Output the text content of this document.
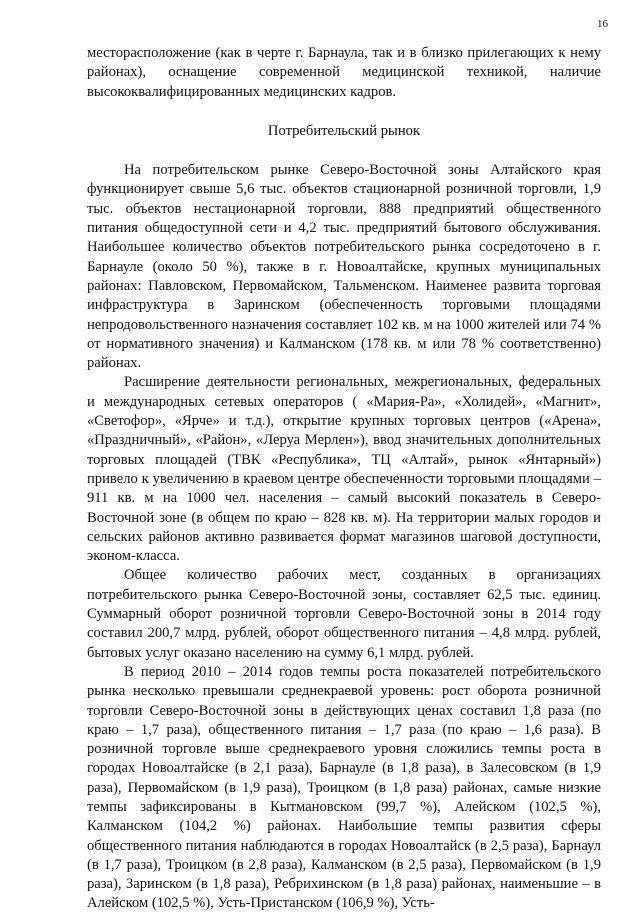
16

месторасположение (как в черте г. Барнаула, так и в близко прилегающих к нему районах), оснащение современной медицинской техникой, наличие высококвалифицированных медицинских кадров.

Потребительский рынок

На потребительском рынке Северо-Восточной зоны Алтайского края функционирует свыше 5,6 тыс. объектов стационарной розничной торговли, 1,9 тыс. объектов нестационарной торговли, 888 предприятий общественного питания общедоступной сети и 4,2 тыс. предприятий бытового обслуживания. Наибольшее количество объектов потребительского рынка сосредоточено в г. Барнауле (около 50 %), также в г. Новоалтайске, крупных муниципальных районах: Павловском, Первомайском, Тальменском. Наименее развита торговая инфраструктура в Заринском (обеспеченность торговыми площадями непродовольственного назначения составляет 102 кв. м на 1000 жителей или 74 % от нормативного значения) и Калманском (178 кв. м или 78 % соответственно) районах.

Расширение деятельности региональных, межрегиональных, федеральных и международных сетевых операторов ( «Мария-Ра», «Холидей», «Магнит», «Светофор», «Ярче» и т.д.), открытие крупных торговых центров («Арена», «Праздничный», «Район», «Леруа Мерлен»), ввод значительных дополнительных торговых площадей (ТВК «Республика», ТЦ «Алтай», рынок «Янтарный») привело к увеличению в краевом центре обеспеченности торговыми площадями – 911 кв. м на 1000 чел. населения – самый высокий показатель в Северо-Восточной зоне (в общем по краю – 828 кв. м). На территории малых городов и сельских районов активно развивается формат магазинов шаговой доступности, эконом-класса.

Общее количество рабочих мест, созданных в организациях потребительского рынка Северо-Восточной зоны, составляет 62,5 тыс. единиц. Суммарный оборот розничной торговли Северо-Восточной зоны в 2014 году составил 200,7 млрд. рублей, оборот общественного питания – 4,8 млрд. рублей, бытовых услуг оказано населению на сумму 6,1 млрд. рублей.

В период 2010 – 2014 годов темпы роста показателей потребительского рынка несколько превышали среднекраевой уровень: рост оборота розничной торговли Северо-Восточной зоны в действующих ценах составил 1,8 раза (по краю – 1,7 раза), общественного питания – 1,7 раза (по краю – 1,6 раза). В розничной торговле выше среднекраевого уровня сложились темпы роста в городах Новоалтайске (в 2,1 раза), Барнауле (в 1,8 раза), в Залесовском (в 1,9 раза), Первомайском (в 1,9 раза), Троицком (в 1,8 раза) районах, самые низкие темпы зафиксированы в Кытмановском (99,7 %), Алейском (102,5 %), Калманском (104,2 %) районах. Наибольшие темпы развития сферы общественного питания наблюдаются в городах Новоалтайск (в 2,5 раза), Барнаул (в 1,7 раза), Троицком (в 2,8 раза), Калманском (в 2,5 раза), Первомайском (в 1,9 раза), Заринском (в 1,8 раза), Ребрихинском (в 1,8 раза) районах, наименьшие – в Алейском (102,5 %), Усть-Пристанском (106,9 %), Усть-
